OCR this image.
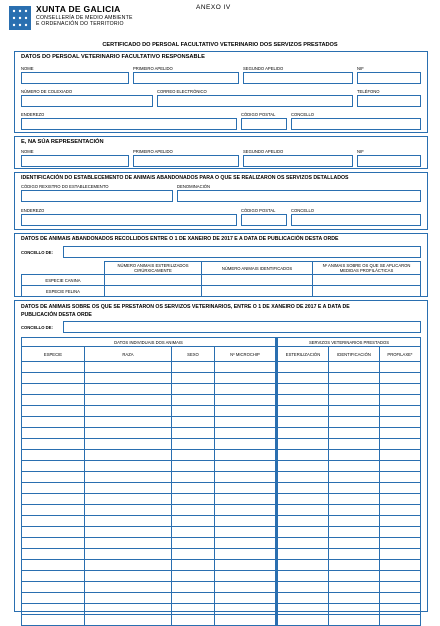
XUNTA DE GALICIA
CONSELLERÍA DE MEDIO AMBIENTE
E ORDENACIÓN DO TERRITORIO
ANEXO IV
CERTIFICADO DO PERSOAL FACULTATIVO VETERINARIO DOS SERVIZOS PRESTADOS
DATOS DO PERSOAL VETERINARIO FACULTATIVO RESPONSABLE
NOME	PRIMEIRO APELIDO	SEGUNDO APELIDO	NIF
NÚMERO DE COLEXIADO	CORREO ELECTRÓNICO	TELÉFONO
ENDEREZO	CÓDIGO POSTAL	CONCELLO
E, NA SÚA REPRESENTACIÓN
NOME	PRIMEIRO APELIDO	SEGUNDO APELIDO	NIF
IDENTIFICACIÓN DO ESTABLECEMENTO DE ANIMAIS ABANDONADOS PARA O QUE SE REALIZARON OS SERVIZOS DETALLADOS
CÓDIGO REXISTRO DO ESTABLECEMENTO	DENOMINACIÓN
ENDEREZO	CÓDIGO POSTAL	CONCELLO
DATOS DE ANIMAIS ABANDONADOS RECOLLIDOS ENTRE O 1 DE XANEIRO DE 2017 E A DATA DE PUBLICACIÓN DESTA ORDE
CONCELLO DE:
	NÚMERO ANIMAIS ESTERILIZADOS CIRÚRXICAMENTE	NÚMERO ANIMAIS IDENTIFICADOS	Nº ANIMAIS SOBRE OS QUE SE APLICARON MEDIDAS PROFILÁCTICAS
ESPECIE CANINA			
ESPECIE FELINA			
DATOS DE ANIMAIS SOBRE OS QUE SE PRESTARON OS SERVIZOS VETERINARIOS, ENTRE O 1 DE XANEIRO DE 2017 E A DATA DE
PUBLICACIÓN DESTA ORDE
CONCELLO DE:
DATOS INDIVIDUAIS DOS ANIMAIS				SERVIZOS VETERINARIOS PRESTADOS		
ESPECIE	RAZA	SEXO	Nº MICROCHIP	ESTERILIZACIÓN	IDENTIFICACIÓN	PROFILAXE*
